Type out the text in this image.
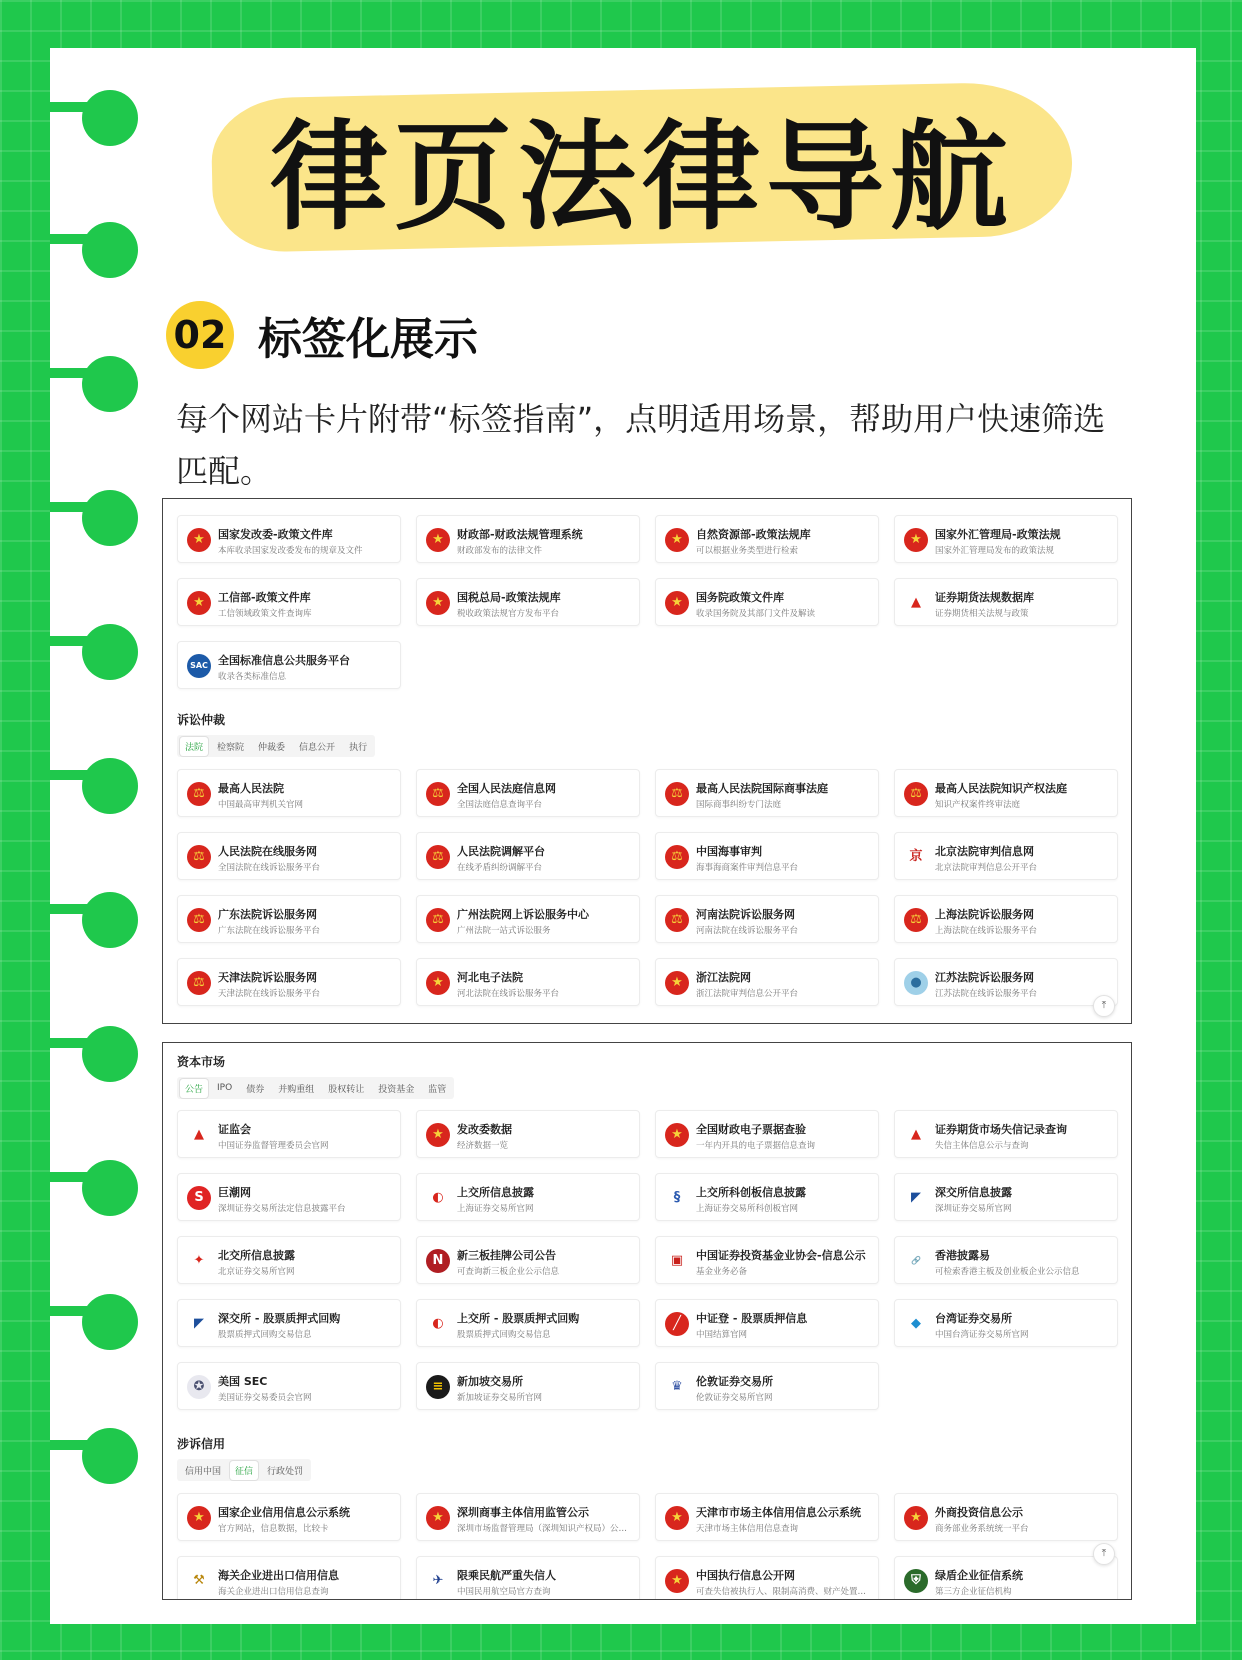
律页法律导航
02 标签化展示
每个网站卡片附带“标签指南”，点明适用场景，帮助用户快速筛选匹配。
★	国家发改委-政策文件库
本库收录国家发改委发布的规章及文件
★	财政部-财政法规管理系统
财政部发布的法律文件
★	自然资源部-政策法规库
可以根据业务类型进行检索
★	国家外汇管理局-政策法规
国家外汇管理局发布的政策法规
★	工信部-政策文件库
工信领域政策文件查询库
★	国税总局-政策法规库
税收政策法规官方发布平台
★	国务院政策文件库
收录国务院及其部门文件及解读
▲	证券期货法规数据库
证券期货相关法规与政策
SAC 全国标准信息公共服务平台
收录各类标准信息
诉讼仲裁
法院	检察院	仲裁委	信息公开	执行
⚖	最高人民法院
中国最高审判机关官网
⚖	全国人民法庭信息网
全国法庭信息查询平台
⚖	最高人民法院国际商事法庭
国际商事纠纷专门法庭
⚖	最高人民法院知识产权法庭
知识产权案件终审法庭
⚖	人民法院在线服务网
全国法院在线诉讼服务平台
⚖	人民法院调解平台
在线矛盾纠纷调解平台
⚖	中国海事审判
海事海商案件审判信息平台
京	北京法院审判信息网
北京法院审判信息公开平台
⚖	广东法院诉讼服务网
广东法院在线诉讼服务平台
⚖	广州法院网上诉讼服务中心
广州法院一站式诉讼服务
⚖	河南法院诉讼服务网
河南法院在线诉讼服务平台
⚖	上海法院诉讼服务网
上海法院在线诉讼服务平台
⚖	天津法院诉讼服务网
天津法院在线诉讼服务平台
★	河北电子法院
河北法院在线诉讼服务平台
★	浙江法院网
浙江法院审判信息公开平台
●	江苏法院诉讼服务网
江苏法院在线诉讼服务平台
⤒
资本市场
公告	IPO	债券	并购重组	股权转让	投资基金	监管
▲	证监会
中国证券监督管理委员会官网
★	发改委数据
经济数据一览
★	全国财政电子票据查验
一年内开具的电子票据信息查询
▲	证券期货市场失信记录查询
失信主体信息公示与查询
S	巨潮网
深圳证券交易所法定信息披露平台
◐	上交所信息披露
上海证券交易所官网
§	上交所科创板信息披露
上海证券交易所科创板官网
◤	深交所信息披露
深圳证券交易所官网
✦	北交所信息披露
北京证券交易所官网
N	新三板挂牌公司公告
可查询新三板企业公示信息
▣	中国证券投资基金业协会-信息公示
基金业务必备
🔗	香港披露易
可检索香港主板及创业板企业公示信息
◤	深交所 - 股票质押式回购
股票质押式回购交易信息
◐	上交所 - 股票质押式回购
股票质押式回购交易信息
╱	中证登 - 股票质押信息
中国结算官网
◆	台湾证券交易所
中国台湾证券交易所官网
✪	美国 SEC
美国证券交易委员会官网
≡	新加坡交易所
新加坡证券交易所官网
♛	伦敦证券交易所
伦敦证券交易所官网
涉诉信用
信用中国	征信	行政处罚
★	国家企业信用信息公示系统
官方网站，信息数据，比较卡
★	深圳商事主体信用监管公示
深圳市场监督管理局（深圳知识产权局）公…
★	天津市市场主体信用信息公示系统
天津市场主体信用信息查询
★	外商投资信息公示
商务部业务系统统一平台
⚒	海关企业进出口信用信息
海关企业进出口信用信息查询
✈	限乘民航严重失信人
中国民用航空局官方查询
★	中国执行信息公开网
可查失信被执行人、限制高消费、财产处置…
⛨	绿盾企业征信系统
第三方企业征信机构
⤒
